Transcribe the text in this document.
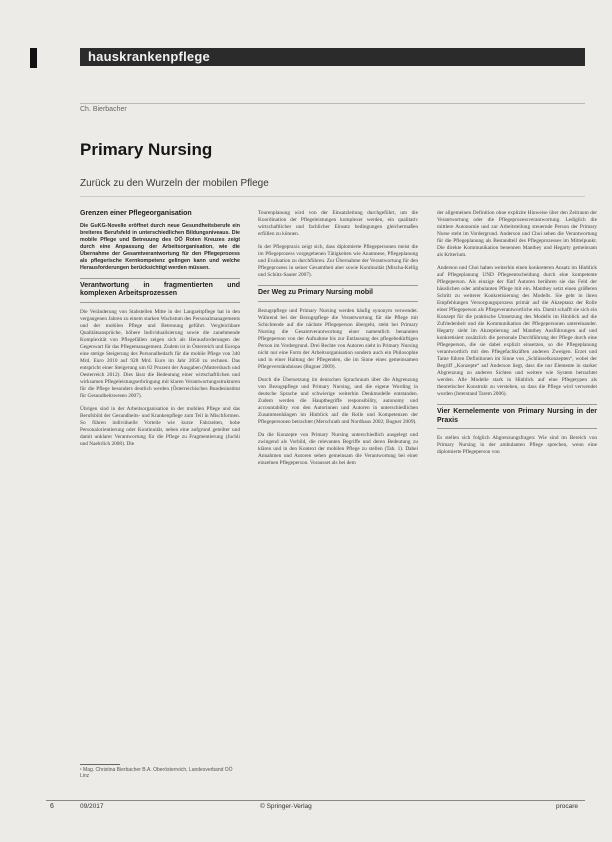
hauskrankenpflege
Ch. Bierbacher
Primary Nursing
Zurück zu den Wurzeln der mobilen Pflege
Grenzen einer Pflegeorganisation

Die GuKG-Novelle eröffnet durch neue Gesundheitsberufe ein breiteres Berufsfeld in unterschiedlichen Bildungsniveaus. Die mobile Pflege und Betreuung des OÖ Roten Kreuzes zeigt durch eine Anpassung der Arbeitsorganisation, wie die Übernahme der Gesamtverantwortung für den Pflegeprozess als pflegerische Kernkompetenz gelingen kann und welche Herausforderungen berücksichtigt werden müssen.

Verantwortung in fragmentierten und komplexen Arbeitsprozessen

Die Veränderung von Stabstellen Mitte in der Langzeitpflege hat in den vergangenen Jahren zu einem starken Wachstum des Personalmanagements und der mobilen Pflege und Betreuung geführt. Vergleichbare Qualitätsansprüche, höhere Individualisierung sowie die zunehmende Komplexität von Pflegefällen zeigen sich als Herausforderungen der Gegenwart für das Pflegemanagement. Zudem ist in Österreich und Europa eine stetige Steigerung des Personalbedarfs für die mobile Pflege von 340 Mrd. Euro 2010 auf 928 Mrd. Euro im Jahr 2050 zu rechnen. Das entspricht einer Steigerung um 82 Prozent der Ausgaben (Muttersbach und Oesterreich 2012). Dies lässt die Bedeutung einer wirtschaftlichen und wirksamen Pflegeleistungserbringung mit klaren Verantwortungsstrukturen für die Pflege besonders deutlich werden (Österreichisches Bundesinstitut für Gesundheitswesen 2007).

Übrigen sind in der Arbeitsorganisation in der mobilen Pflege und das Berufsbild der Gesundheits- und Krankenpflege zum Teil in Mischformen. So führen individuelle Vorteile wie kurze Fahrzeiten, hohe Personalorientierung oder Kontinuität, neben eine aufgrund geteilter und damit unklarer Verantwortung für die Pflege zu Fragmentierung (Juchli und Naehrlich 2008). Die

Tourenplanung wird von der Einsatzleitung durchgeführt, um die Koordination der Pflegeleistungen komplexer werden, ein qualitativ wirtschaftlicher und fachlicher Einsatz bedingungen gleichermaßen erfüllen zu können.

In der Pflegepraxis zeigt sich, dass diplomierte Pflegepersonen meist die im Pflegeprozess vorgegebenen Tätigkeiten wie Anamnese, Pflegeplanung und Evaluation zu durchführen. Zur Übernahme der Verantwortung für den Pflegeprozess in seiner Gesamtheit aber sowie Kontinuität (Mischa-Kellig und Schütz-Sauter 2007).

Der Weg zu Primary Nursing mobil

Bezugspflege und Primary Nursing werden häufig synonym verwendet. Während bei der Bezugspflege die Verantwortung für die Pflege mit Schichtende auf die nächste Pflegeperson übergeht, steht bei Primary Nursing die Gesamtverantwortung einer namentlich benannten Pflegeperson von der Aufnahme bis zur Entlassung des pflegebedürftigen Person im Vordergrund. Drei Rechte von Autoren sieht in Primary Nursing nicht nur eine Form der Arbeitsorganisation sondern auch ein Philosophie und in einer Haltung der Pflegenden, die im Sinne eines gemeinsamen Pflegeverständnisses (Bugner 2009).

Durch die Übersetzung im deutschen Sprachraum über die Abgrenzung von Bezugspflege und Primary Nursing, und die eigene Wording in deutsche Sprache und schwierige weiterhin Denkmodelle entstanden. Zudem werden die Hauptbegriffe responsibility, autonomy und accountability von den Autorinnen und Autoren in unterschiedlichen Zusammenhängen im Hinblick auf die Rolle und Kompetenzen der Pflegepersonen betrachtet (Merschrath und Nordhaus 2002; Bugner 2009).

Da die Konzepte von Primary Nursing unterschiedlich ausgelegt und zwingend als Vorbild, die relevanten Begriffe und deren Bedeutung zu klären und in den Kontext der mobilen Pflege zu stellen (Tab. 1). Dabei Annahmen und Autoren sehen gemeinsam die Verantwortung bei einer einzelnen Pflegeperson. Vorausset als bei dem

der allgemeinen Definition ohne explizite Hinweise über den Zeitraum der Verantwortung oder die Pflegeprozessverantwortung. Lediglich die mittlere Autonomie und zur Arbeitsteilung steuernde Person der Primary Nurse steht im Vordergrund. Anderson und Choi sehen die Verantwortung für die Pflegeplanung als Bestandteil des Pflegeprozesses im Mittelpunkt. Die direkte Kommunikation benennen Manthey und Hegarty gemeinsam als Kriterium.

Anderson und Choi haben weiterhin einen konkreteren Ansatz im Hinblick auf Pflegeplanung UND Pflegeentscheidung durch eine kompetente Pflegeperson. Als einzige der fünf Autoren berühren sie das Feld der häuslichen oder ambulanten Pflege mit ein. Manthey setzt einen größeren Schritt zu weiterer Konkretisierung des Modells. Sie geht in ihren Empfehlungen Versorgungsprozess primär auf die Akzeptanz der Rolle einer Pflegeperson als Pflegeverantwortliche ein. Damit schafft sie sich ein Konzept für die praktische Umsetzung des Modells im Hinblick auf die Zufriedenheit und die Kommunikation der Pflegepersonen untereinander. Hegarty sieht im Akzeptierung auf Manthey Ausführungen auf und konkretisiert zusätzlich die personale Durchführung der Pflege durch eine Pflegeperson, die sie dabei explizit einsetzen, so die Pflegeplanung verantwortlich mit den Pflegefachkräften anderen Zweigen. Erzet und Tame führen Definitionen im Sinne von „Schlüsselkonzepten“, wobei der Begriff „Konzepte“ auf Anderson liegt, dass die nur Elemente in starker Abgrenzung zu anderen Sichten und weitere wie System betrachtet werden. Alle Modelle stark in Hinblick auf eine Pflegetypen als theoretischer Konstrukt zu verstehen, so dass die Pflege wird verwendet wurden (Interstand Tarem 2006).

Vier Kernelemente von Primary Nursing in der Praxis

Es stellen sich folglich Abgrenzungsfragen: Wie sind im Bereich von Primary Nursing in der ambulanten Pflege sprechen, wenn eine diplomierte Pflegeperson von

¹ Mag. Christina Bierbacher B.A. Oberösterreich, Landesverband OÖ Linz
6	09/2017	© Springer-Verlag	procare
